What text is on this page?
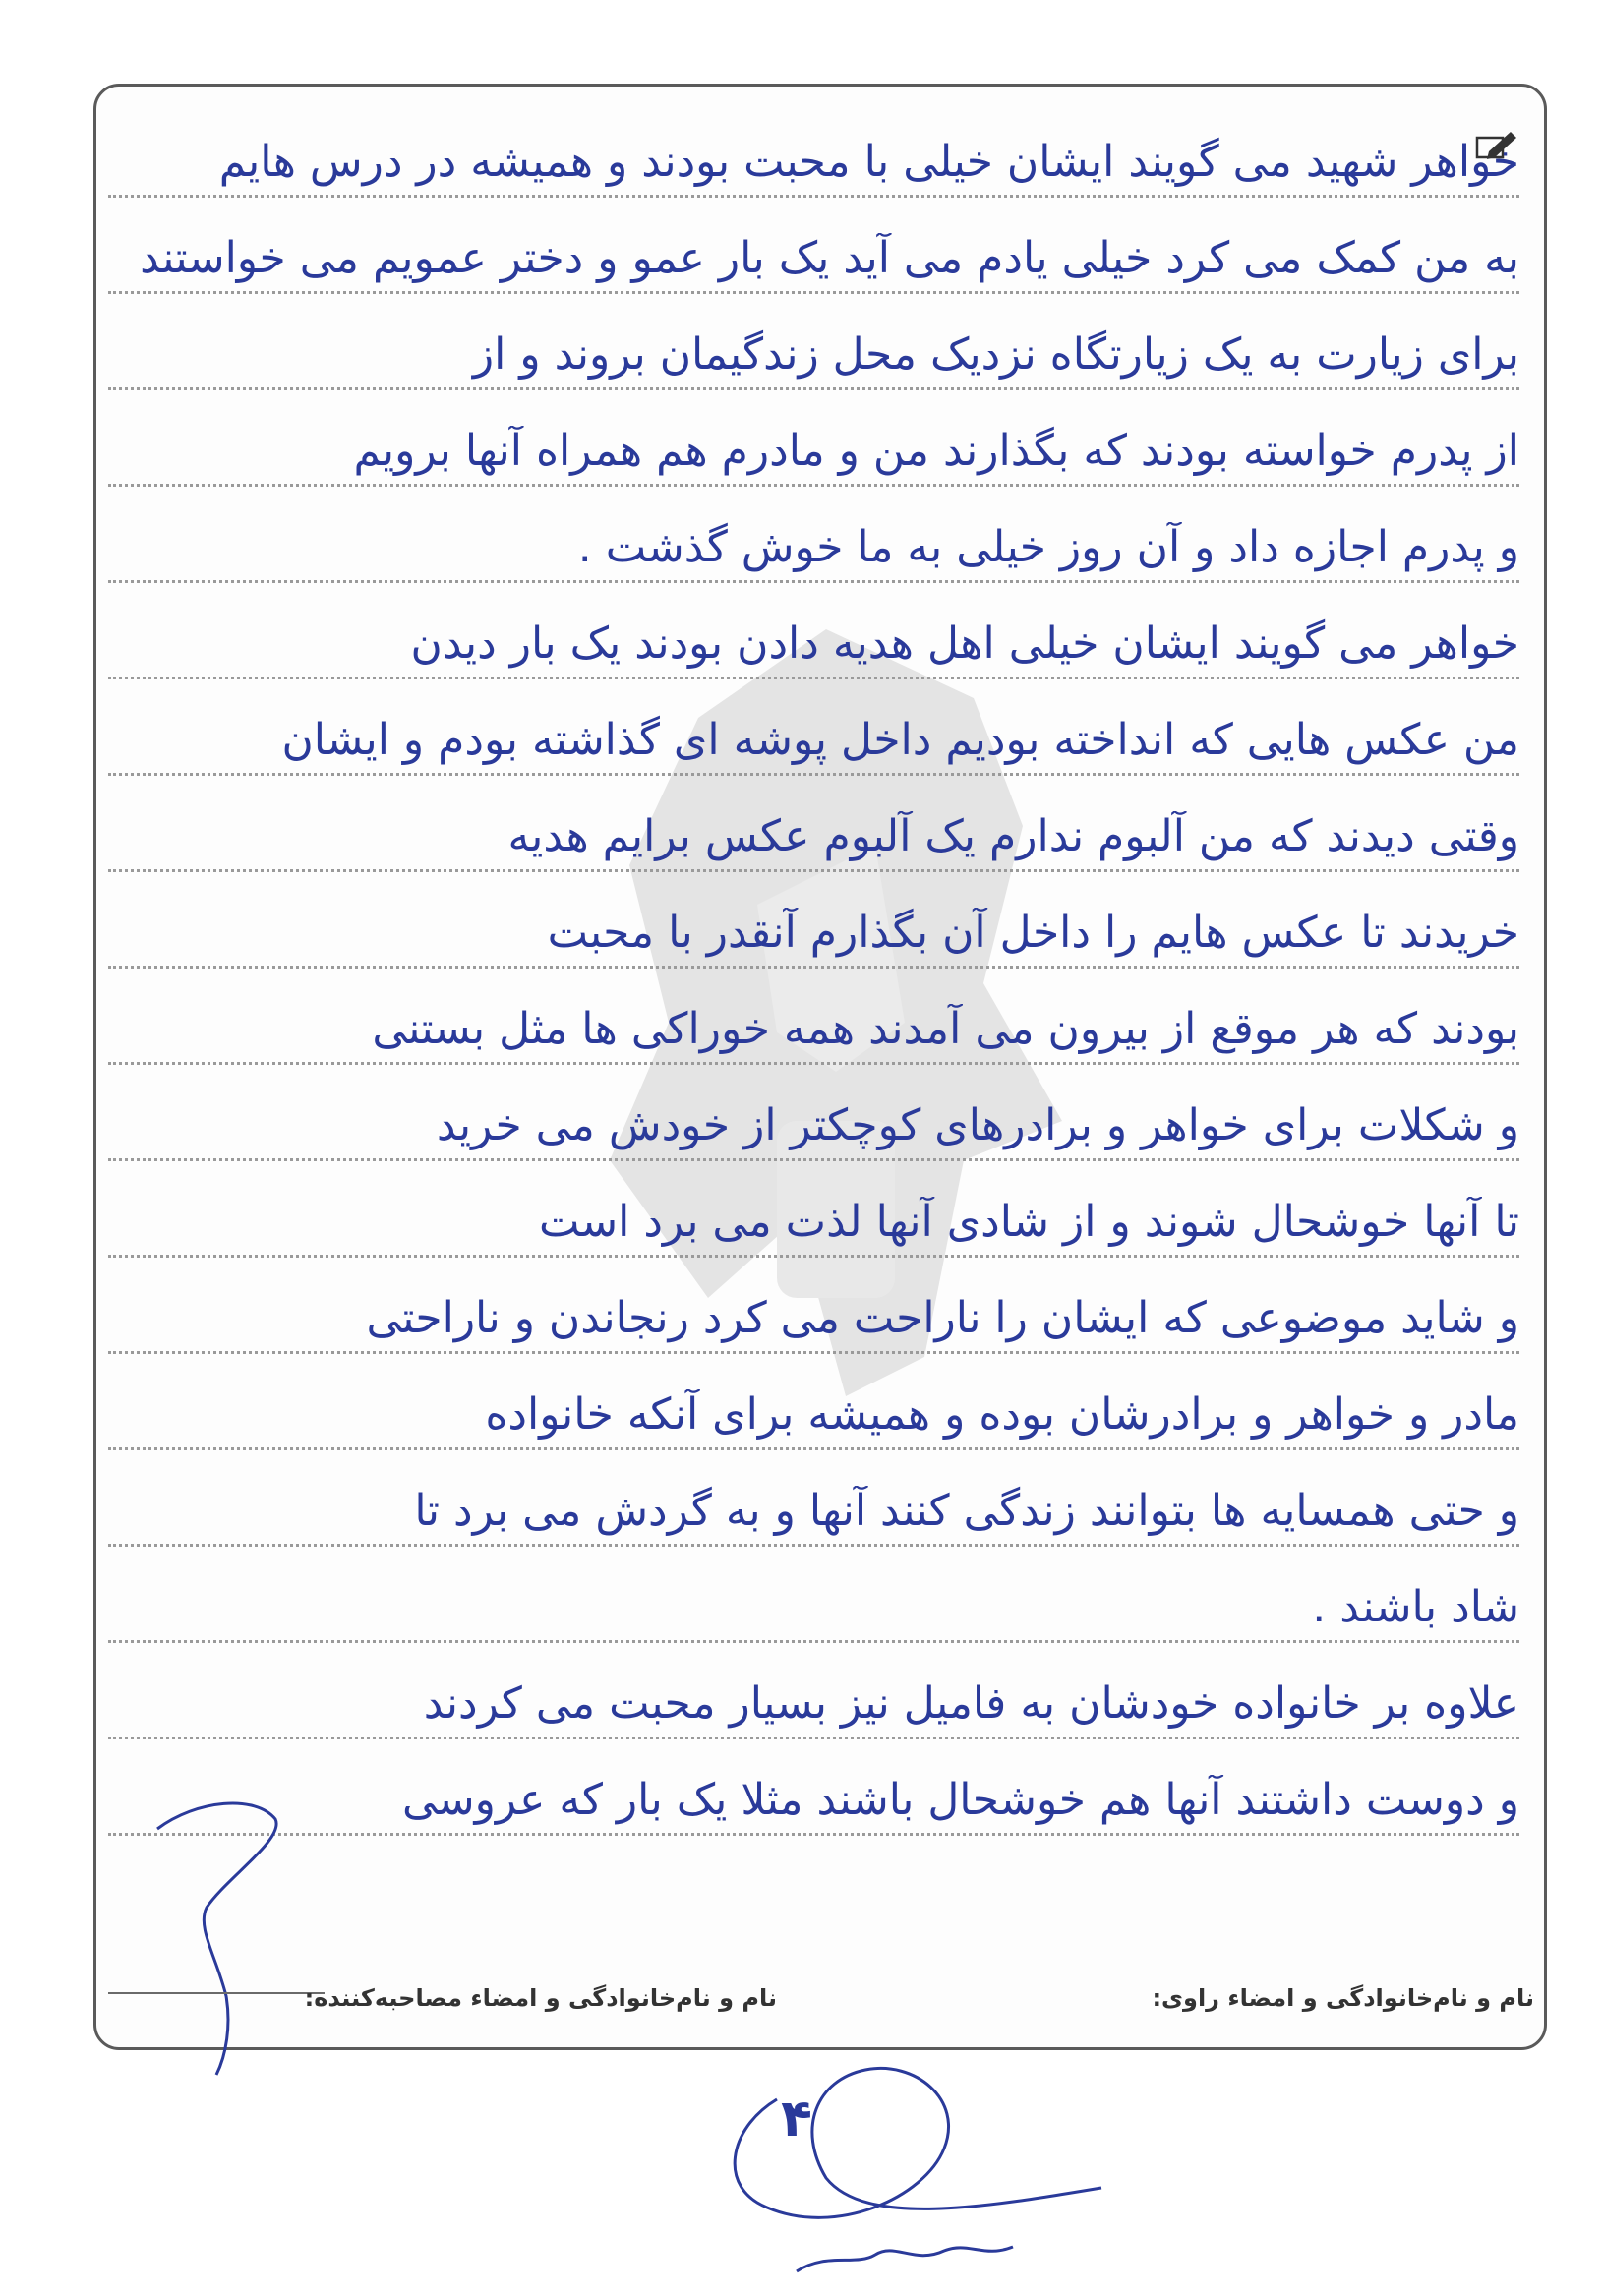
خواهر شهید می گویند ایشان خیلی با محبت بودند و همیشه در درس هایم
به من کمک می کرد خیلی یادم می آید یک بار عمو و دختر عمویم می خواستند
برای زیارت به یک زیارتگاه نزدیک محل زندگیمان بروند و از
از پدرم خواسته بودند که بگذارند من و مادرم هم همراه آنها برویم
و پدرم اجازه داد و آن روز خیلی به ما خوش گذشت .
خواهر می گویند ایشان خیلی اهل هدیه دادن بودند یک بار دیدن
من عکس هایی که انداخته بودیم داخل پوشه ای گذاشته بودم و ایشان
وقتی دیدند که من آلبوم ندارم یک آلبوم عکس برایم هدیه
خریدند تا عکس هایم را داخل آن بگذارم آنقدر با محبت
بودند که هر موقع از بیرون می آمدند همه خوراکی ها مثل بستنی
و شکلات برای خواهر و برادرهای کوچکتر از خودش می خرید
تا آنها خوشحال شوند و از شادی آنها لذت می برد است
و شاید موضوعی که ایشان را ناراحت می کرد رنجاندن و ناراحتی
مادر و خواهر و برادرشان بوده و همیشه برای آنکه خانواده
و حتی همسایه ها بتوانند زندگی کنند آنها و به گردش می برد تا
شاد باشند .
علاوه بر خانواده خودشان به فامیل نیز بسیار محبت می کردند
و دوست داشتند آنها هم خوشحال باشند مثلا یک بار که عروسی
نام و نام‌خانوادگی و امضاء مصاحبه‌کننده:	نام و نام‌خانوادگی و امضاء راوی:
۴
